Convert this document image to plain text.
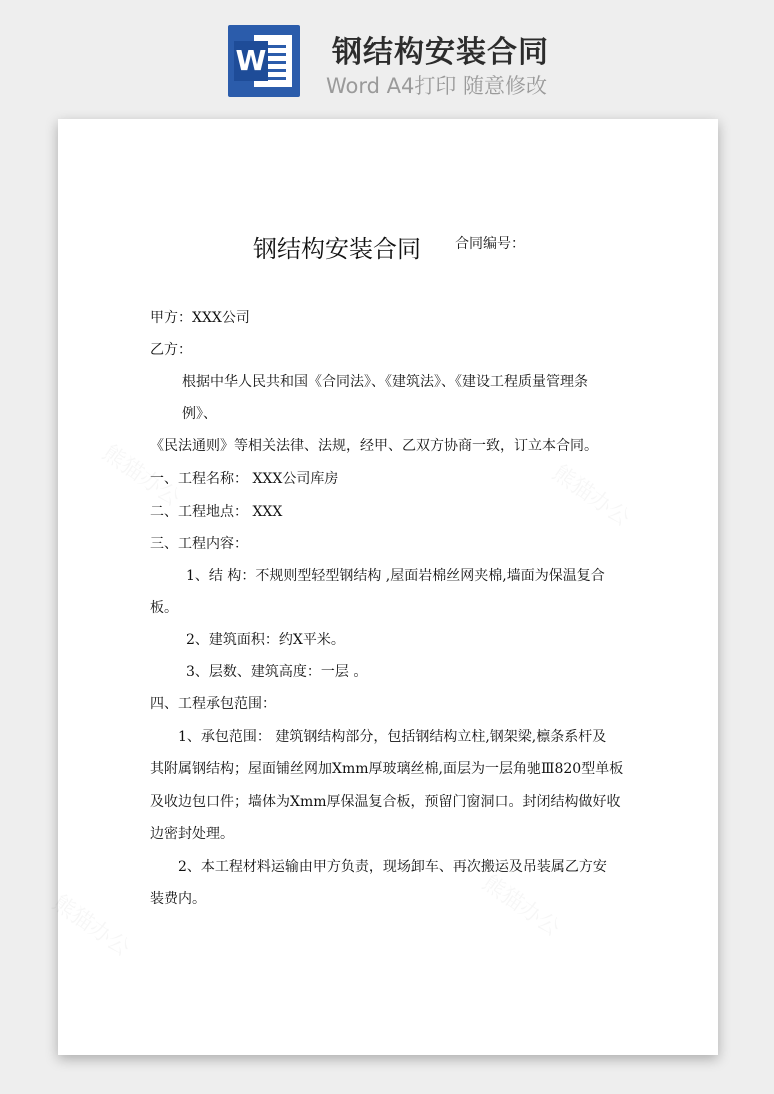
W 钢结构安装合同
Word A4打印 随意修改
钢结构安装合同 合同编号：
甲方：XXX公司
乙方：
根据中华人民共和国《合同法》、《建筑法》、《建设工程质量管理条
例》、
《民法通则》等相关法律、法规，经甲、乙双方协商一致，订立本合同。
一、工程名称： XXX公司库房
二、工程地点： XXX
三、工程内容：
1、结 构：不规则型轻型钢结构 ,屋面岩棉丝网夹棉,墙面为保温复合
板。
2、建筑面积：约X平米。
3、层数、建筑高度：一层 。
四、工程承包范围：
1、承包范围： 建筑钢结构部分，包括钢结构立柱,钢架梁,檩条系杆及
其附属钢结构；屋面铺丝网加Xmm厚玻璃丝棉,面层为一层角驰Ⅲ820型单板
及收边包口件；墙体为Xmm厚保温复合板，预留门窗洞口。封闭结构做好收
边密封处理。
2、本工程材料运输由甲方负责，现场卸车、再次搬运及吊装属乙方安
装费内。
